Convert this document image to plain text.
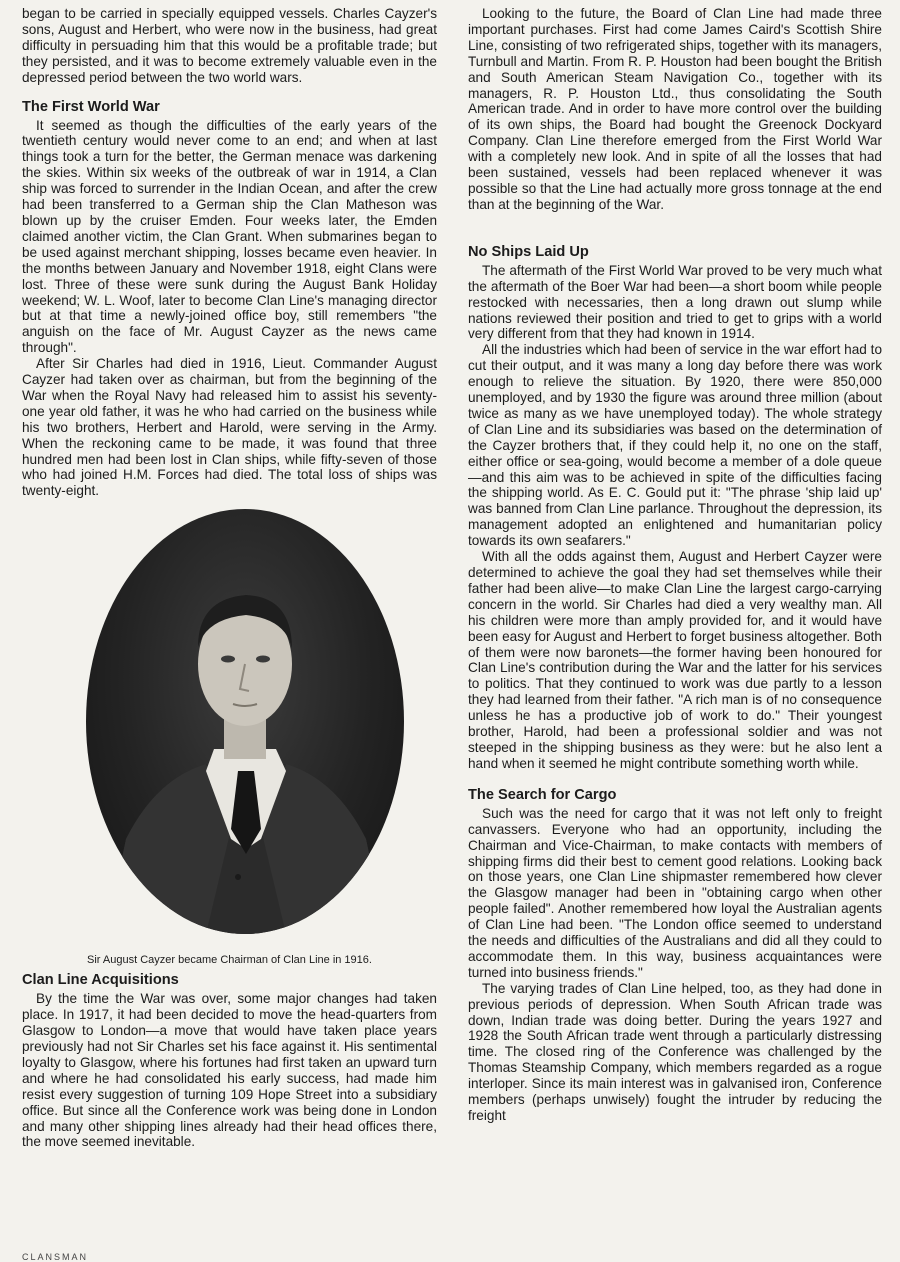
began to be carried in specially equipped vessels. Charles Cayzer's sons, August and Herbert, who were now in the business, had great difficulty in persuading him that this would be a profitable trade; but they persisted, and it was to become extremely valuable even in the depressed period between the two world wars.

The First World War

It seemed as though the difficulties of the early years of the twentieth century would never come to an end; and when at last things took a turn for the better, the German menace was darkening the skies. Within six weeks of the outbreak of war in 1914, a Clan ship was forced to surrender in the Indian Ocean, and after the crew had been transferred to a German ship the Clan Matheson was blown up by the cruiser Emden. Four weeks later, the Emden claimed another victim, the Clan Grant. When submarines began to be used against merchant shipping, losses became even heavier. In the months between January and November 1918, eight Clans were lost. Three of these were sunk during the August Bank Holiday weekend; W. L. Woof, later to become Clan Line's managing director but at that time a newly-joined office boy, still remembers "the anguish on the face of Mr. August Cayzer as the news came through".

After Sir Charles had died in 1916, Lieut. Commander August Cayzer had taken over as chairman, but from the beginning of the War when the Royal Navy had released him to assist his seventy-one year old father, it was he who had carried on the business while his two brothers, Herbert and Harold, were serving in the Army. When the reckoning came to be made, it was found that three hundred men had been lost in Clan ships, while fifty-seven of those who had joined H.M. Forces had died. The total loss of ships was twenty-eight.

Sir August Cayzer became Chairman of Clan Line in 1916.
Clan Line Acquisitions

By the time the War was over, some major changes had taken place. In 1917, it had been decided to move the head-quarters from Glasgow to London—a move that would have taken place years previously had not Sir Charles set his face against it. His sentimental loyalty to Glasgow, where his fortunes had first taken an upward turn and where he had consolidated his early success, had made him resist every suggestion of turning 109 Hope Street into a subsidiary office. But since all the Conference work was being done in London and many other shipping lines already had their head offices there, the move seemed inevitable.

Looking to the future, the Board of Clan Line had made three important purchases. First had come James Caird's Scottish Shire Line, consisting of two refrigerated ships, together with its managers, Turnbull and Martin. From R. P. Houston had been bought the British and South American Steam Navigation Co., together with its managers, R. P. Houston Ltd., thus consolidating the South American trade. And in order to have more control over the building of its own ships, the Board had bought the Greenock Dockyard Company. Clan Line therefore emerged from the First World War with a completely new look. And in spite of all the losses that had been sustained, vessels had been replaced whenever it was possible so that the Line had actually more gross tonnage at the end than at the beginning of the War.

No Ships Laid Up

The aftermath of the First World War proved to be very much what the aftermath of the Boer War had been—a short boom while people restocked with necessaries, then a long drawn out slump while nations reviewed their position and tried to get to grips with a world very different from that they had known in 1914.

All the industries which had been of service in the war effort had to cut their output, and it was many a long day before there was work enough to relieve the situation. By 1920, there were 850,000 unemployed, and by 1930 the figure was around three million (about twice as many as we have unemployed today). The whole strategy of Clan Line and its subsidiaries was based on the determination of the Cayzer brothers that, if they could help it, no one on the staff, either office or sea-going, would become a member of a dole queue—and this aim was to be achieved in spite of the difficulties facing the shipping world. As E. C. Gould put it: "The phrase 'ship laid up' was banned from Clan Line parlance. Throughout the depression, its management adopted an enlightened and humanitarian policy towards its own seafarers."

With all the odds against them, August and Herbert Cayzer were determined to achieve the goal they had set themselves while their father had been alive—to make Clan Line the largest cargo-carrying concern in the world. Sir Charles had died a very wealthy man. All his children were more than amply provided for, and it would have been easy for August and Herbert to forget business altogether. Both of them were now baronets—the former having been honoured for Clan Line's contribution during the War and the latter for his services to politics. That they continued to work was due partly to a lesson they had learned from their father. "A rich man is of no consequence unless he has a productive job of work to do." Their youngest brother, Harold, had been a professional soldier and was not steeped in the shipping business as they were: but he also lent a hand when it seemed he might contribute something worth while.

The Search for Cargo

Such was the need for cargo that it was not left only to freight canvassers. Everyone who had an opportunity, including the Chairman and Vice-Chairman, to make contacts with members of shipping firms did their best to cement good relations. Looking back on those years, one Clan Line shipmaster remembered how clever the Glasgow manager had been in "obtaining cargo when other people failed". Another remembered how loyal the Australian agents of Clan Line had been. "The London office seemed to understand the needs and difficulties of the Australians and did all they could to accommodate them. In this way, business acquaintances were turned into business friends."

The varying trades of Clan Line helped, too, as they had done in previous periods of depression. When South African trade was down, Indian trade was doing better. During the years 1927 and 1928 the South African trade went through a particularly distressing time. The closed ring of the Conference was challenged by the Thomas Steamship Company, which members regarded as a rogue interloper. Since its main interest was in galvanised iron, Conference members (perhaps unwisely) fought the intruder by reducing the freight

CLANSMAN
